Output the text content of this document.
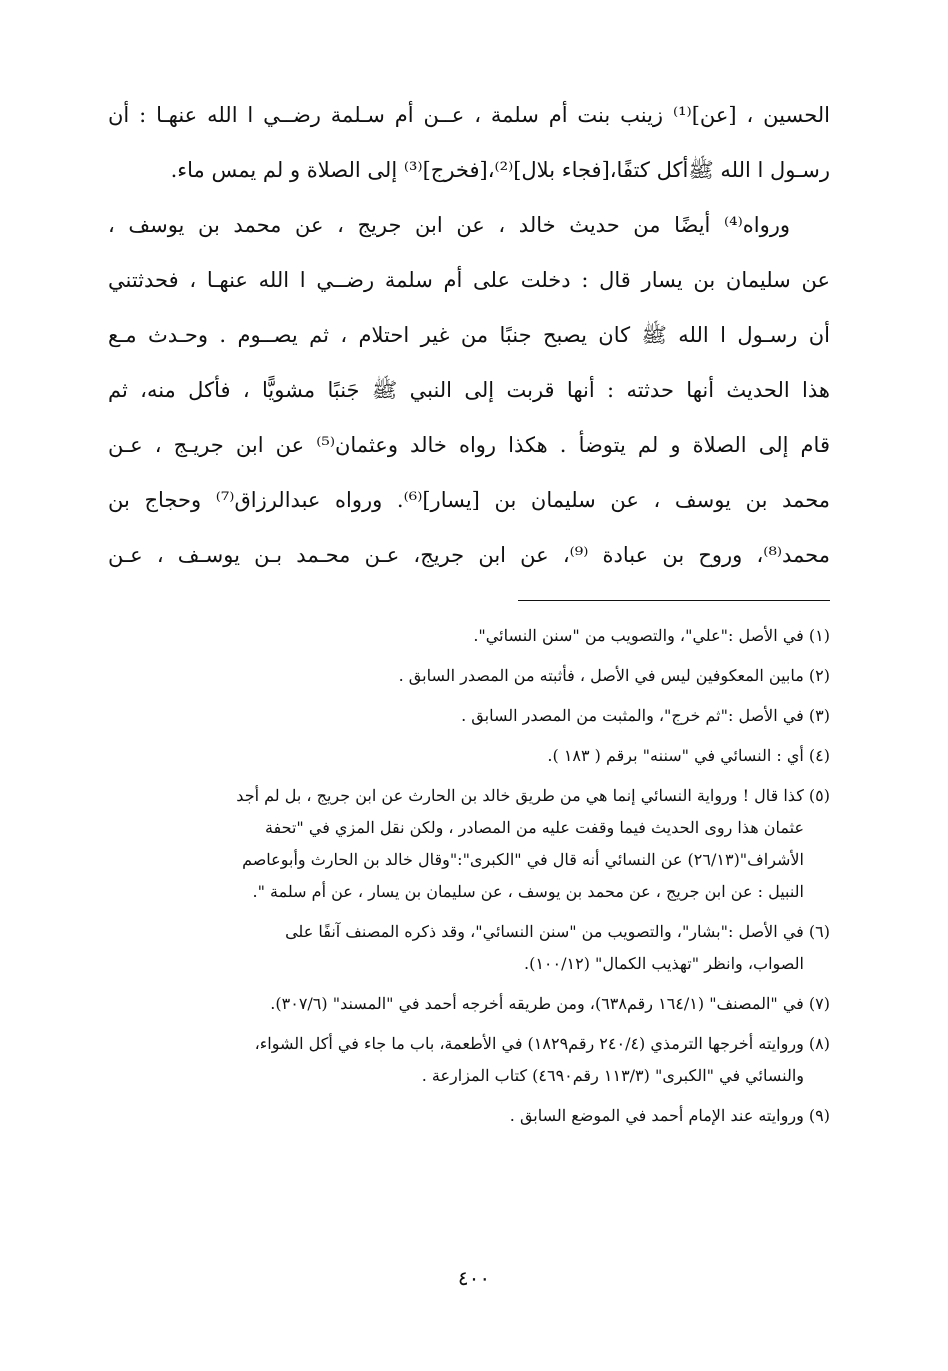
الحسين ، [عن]⁽¹⁾ زينب بنت أم سلمة ، عــن أم سـلمة رضــي ا الله عنهـا : أن
رسـول ا الله ﷺأكل كتفًا،[فجاء بلال]⁽²⁾،[فخرج]⁽³⁾ إلى الصلاة و لم يمس ماء.
ورواه⁽⁴⁾ أيضًا من حديث خالد ، عن ابن جريج ، عن محمد بن يوسف ،
عن سليمان بن يسار قال : دخلت على أم سلمة رضــي ا الله عنهـا ، فحدثتني
أن رسـول ا الله ﷺ كان يصبح جنبًا من غير احتلام ، ثم يصــوم . وحـدث مـع
هذا الحديث أنها حدثته : أنها قربت إلى النبي ﷺ جَنبًا مشويًّا ، فأكل منه، ثم
قام إلى الصلاة و لم يتوضأ . هكذا رواه خالد وعثمان⁽⁵⁾ عن ابن جريـج ، عـن
محمد بن يوسف ، عن سليمان بن [يسار]⁽⁶⁾. ورواه عبدالرزاق⁽⁷⁾ وحجاج بن
محمد⁽⁸⁾، وروح بن عبادة ⁽⁹⁾، عن ابن جريج، عـن محـمد بـن يوسـف ، عـن
(١) في الأصل :"علي"، والتصويب من "سنن النسائي".
(٢) مابين المعكوفين ليس في الأصل ، فأثبته من المصدر السابق .
(٣) في الأصل :"ثم خرج"، والمثبت من المصدر السابق .
(٤) أي : النسائي في "سننه" برقم ( ١٨٣ ).
(٥) كذا قال ! ورواية النسائي إنما هي من طريق خالد بن الحارث عن ابن جريج ، بل لم أجد
عثمان هذا روى الحديث فيما وقفت عليه من المصادر ، ولكن نقل المزي في "تحفة
الأشراف"(٢٦/١٣) عن النسائي أنه قال في "الكبرى":"وقال خالد بن الحارث وأبوعاصم
النبيل : عن ابن جريج ، عن محمد بن يوسف ، عن سليمان بن يسار ، عن أم سلمة ".
(٦) في الأصل :"بشار"، والتصويب من "سنن النسائي"، وقد ذكره المصنف آنفًا على
الصواب، وانظر "تهذيب الكمال" (١٠٠/١٢).
(٧) في "المصنف" (١٦٤/١ رقم٦٣٨)، ومن طريقه أخرجه أحمد في "المسند" (٣٠٧/٦).
(٨) وروايته أخرجها الترمذي (٢٤٠/٤ رقم١٨٢٩) في الأطعمة، باب ما جاء في أكل الشواء،
والنسائي في "الكبرى" (١١٣/٣ رقم٤٦٩٠) كتاب المزارعة .
(٩) وروايته عند الإمام أحمد في الموضع السابق .
٤٠٠
